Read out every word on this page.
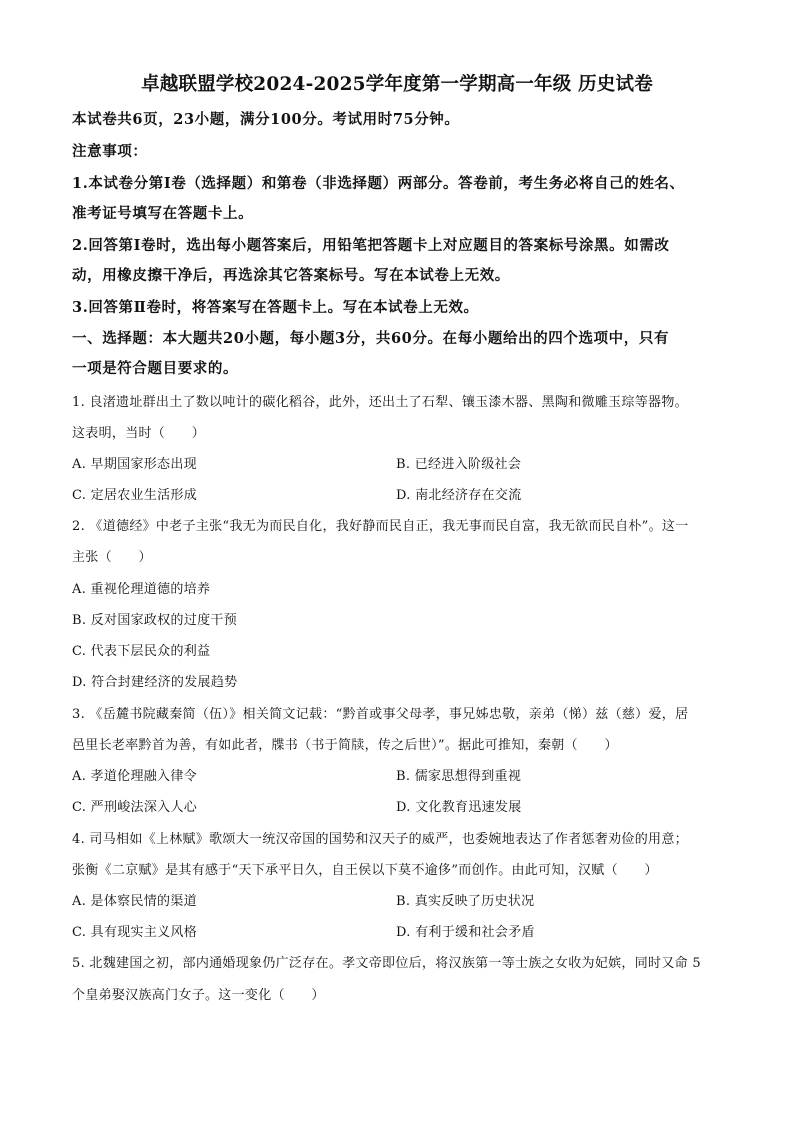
卓越联盟学校2024-2025学年度第一学期高一年级 历史试卷
本试卷共6页，23小题，满分100分。考试用时75分钟。
注意事项：
1.本试卷分第Ⅰ卷（选择题）和第卷（非选择题）两部分。答卷前，考生务必将自己的姓名、
准考证号填写在答题卡上。
2.回答第Ⅰ卷时，选出每小题答案后，用铅笔把答题卡上对应题目的答案标号涂黑。如需改
动，用橡皮擦干净后，再选涂其它答案标号。写在本试卷上无效。
3.回答第Ⅱ卷时，将答案写在答题卡上。写在本试卷上无效。
一、选择题：本大题共20小题，每小题3分，共60分。在每小题给出的四个选项中，只有
一项是符合题目要求的。
1. 良渚遗址群出土了数以吨计的碳化稻谷，此外，还出土了石犁、镶玉漆木器、黑陶和微雕玉琮等器物。
这表明，当时（　　）
A. 早期国家形态出现	B. 已经进入阶级社会
C. 定居农业生活形成	D. 南北经济存在交流
2. 《道德经》中老子主张“我无为而民自化，我好静而民自正，我无事而民自富，我无欲而民自朴”。这一
主张（　　）
A. 重视伦理道德的培养
B. 反对国家政权的过度干预
C. 代表下层民众的利益
D. 符合封建经济的发展趋势
3. 《岳麓书院藏秦简（伍）》相关简文记载：“黔首或事父母孝，事兄姊忠敬，亲弟（悌）兹（慈）爱，居
邑里长老率黔首为善，有如此者，牒书（书于简牍，传之后世）”。据此可推知，秦朝（　　）
A. 孝道伦理融入律令	B. 儒家思想得到重视
C. 严刑峻法深入人心	D. 文化教育迅速发展
4. 司马相如《上林赋》歌颂大一统汉帝国的国势和汉天子的威严，也委婉地表达了作者惩奢劝俭的用意；
张衡《二京赋》是其有感于“天下承平日久，自王侯以下莫不逾侈”而创作。由此可知，汉赋（　　）
A. 是体察民情的渠道	B. 真实反映了历史状况
C. 具有现实主义风格	D. 有利于缓和社会矛盾
5. 北魏建国之初，部内通婚现象仍广泛存在。孝文帝即位后，将汉族第一等士族之女收为妃嫔，同时又命 5
个皇弟娶汉族高门女子。这一变化（　　）
